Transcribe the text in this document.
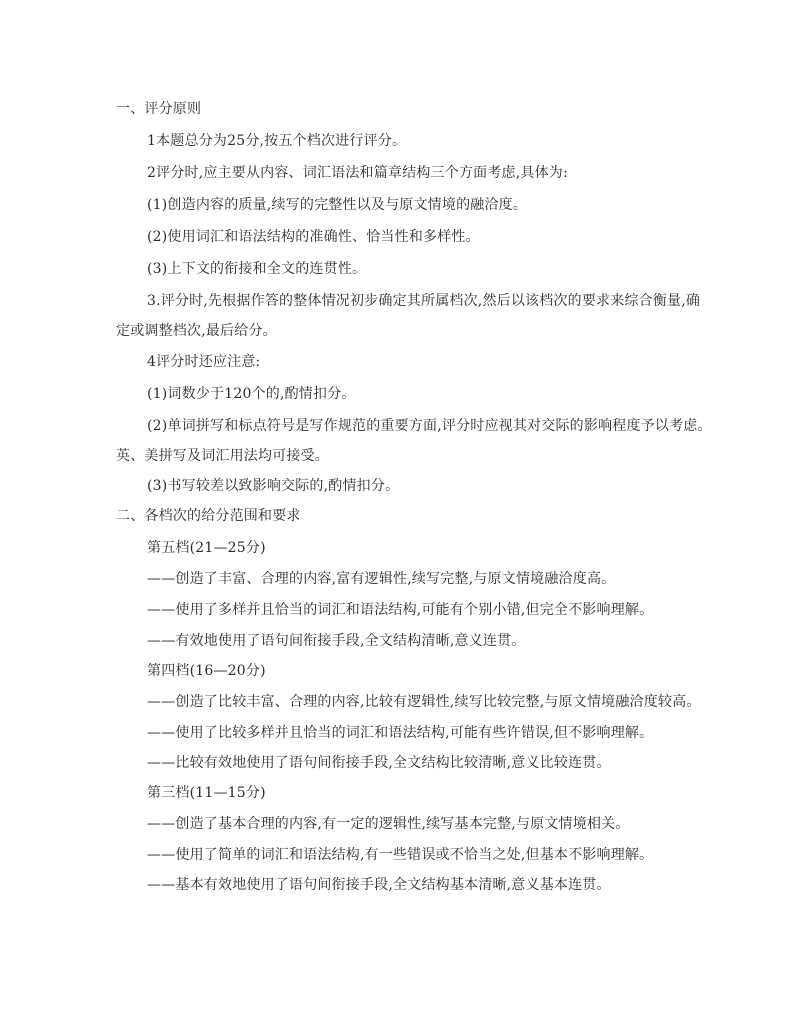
一、评分原则
1本题总分为25分,按五个档次进行评分。
2评分时,应主要从内容、词汇语法和篇章结构三个方面考虑,具体为:
(1)创造内容的质量,续写的完整性以及与原文情境的融洽度。
(2)使用词汇和语法结构的准确性、恰当性和多样性。
(3)上下文的衔接和全文的连贯性。
3.评分时,先根据作答的整体情况初步确定其所属档次,然后以该档次的要求来综合衡量,确
定或调整档次,最后给分。
4评分时还应注意:
(1)词数少于120个的,酌情扣分。
(2)单词拼写和标点符号是写作规范的重要方面,评分时应视其对交际的影响程度予以考虑。
英、美拼写及词汇用法均可接受。
(3)书写较差以致影响交际的,酌情扣分。
二、各档次的给分范围和要求
第五档(21—25分)
——创造了丰富、合理的内容,富有逻辑性,续写完整,与原文情境融洽度高。
——使用了多样并且恰当的词汇和语法结构,可能有个别小错,但完全不影响理解。
——有效地使用了语句间衔接手段,全文结构清晰,意义连贯。
第四档(16—20分)
——创造了比较丰富、合理的内容,比较有逻辑性,续写比较完整,与原文情境融洽度较高。
——使用了比较多样并且恰当的词汇和语法结构,可能有些许错误,但不影响理解。
——比较有效地使用了语句间衔接手段,全文结构比较清晰,意义比较连贯。
第三档(11—15分)
——创造了基本合理的内容,有一定的逻辑性,续写基本完整,与原文情境相关。
——使用了简单的词汇和语法结构,有一些错误或不恰当之处,但基本不影响理解。
——基本有效地使用了语句间衔接手段,全文结构基本清晰,意义基本连贯。
